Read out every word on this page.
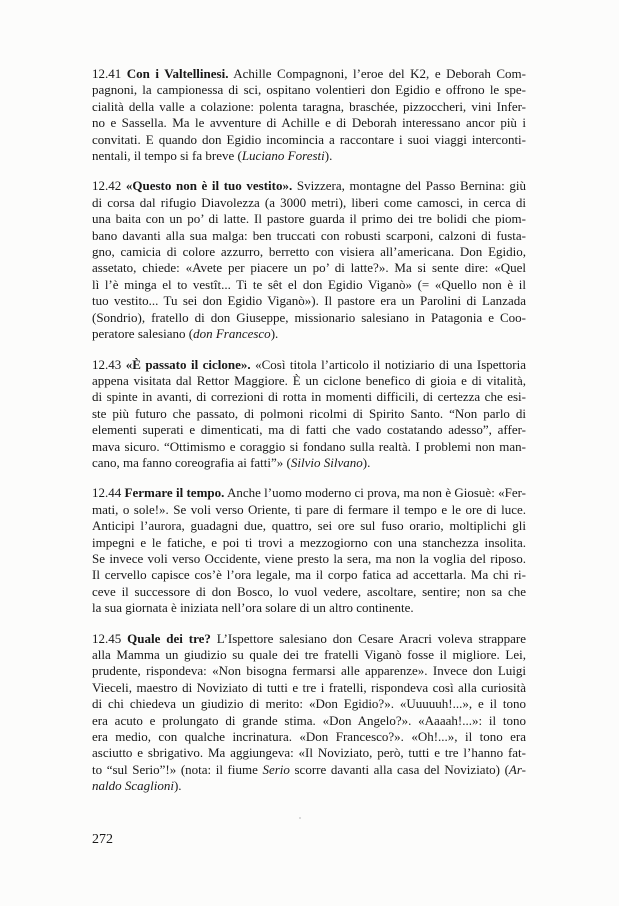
12.41 Con i Valtellinesi. Achille Compagnoni, l’eroe del K2, e Deborah Com-
pagnoni, la campionessa di sci, ospitano volentieri don Egidio e offrono le spe-
cialità della valle a colazione: polenta taragna, braschée, pizzoccheri, vini Infer-
no e Sassella. Ma le avventure di Achille e di Deborah interessano ancor più i
convitati. E quando don Egidio incomincia a raccontare i suoi viaggi interconti-
nentali, il tempo si fa breve (Luciano Foresti).
12.42 «Questo non è il tuo vestito». Svizzera, montagne del Passo Bernina: giù
di corsa dal rifugio Diavolezza (a 3000 metri), liberi come camosci, in cerca di
una baita con un po’ di latte. Il pastore guarda il primo dei tre bolidi che piom-
bano davanti alla sua malga: ben truccati con robusti scarponi, calzoni di fusta-
gno, camicia di colore azzurro, berretto con visiera all’americana. Don Egidio,
assetato, chiede: «Avete per piacere un po’ di latte?». Ma si sente dire: «Quel
lì l’è minga el to vestît... Ti te sêt el don Egidio Viganò» (= «Quello non è il
tuo vestito... Tu sei don Egidio Viganò»). Il pastore era un Parolini di Lanzada
(Sondrio), fratello di don Giuseppe, missionario salesiano in Patagonia e Coo-
peratore salesiano (don Francesco).
12.43 «È passato il ciclone». «Così titola l’articolo il notiziario di una Ispettoria
appena visitata dal Rettor Maggiore. È un ciclone benefico di gioia e di vitalità,
di spinte in avanti, di correzioni di rotta in momenti difficili, di certezza che esi-
ste più futuro che passato, di polmoni ricolmi di Spirito Santo. “Non parlo di
elementi superati e dimenticati, ma di fatti che vado costatando adesso”, affer-
mava sicuro. “Ottimismo e coraggio si fondano sulla realtà. I problemi non man-
cano, ma fanno coreografia ai fatti”» (Silvio Silvano).
12.44 Fermare il tempo. Anche l’uomo moderno ci prova, ma non è Giosuè: «Fer-
mati, o sole!». Se voli verso Oriente, ti pare di fermare il tempo e le ore di luce.
Anticipi l’aurora, guadagni due, quattro, sei ore sul fuso orario, moltiplichi gli
impegni e le fatiche, e poi ti trovi a mezzogiorno con una stanchezza insolita.
Se invece voli verso Occidente, viene presto la sera, ma non la voglia del riposo.
Il cervello capisce cos’è l’ora legale, ma il corpo fatica ad accettarla. Ma chi ri-
ceve il successore di don Bosco, lo vuol vedere, ascoltare, sentire; non sa che
la sua giornata è iniziata nell’ora solare di un altro continente.
12.45 Quale dei tre? L’Ispettore salesiano don Cesare Aracri voleva strappare
alla Mamma un giudizio su quale dei tre fratelli Viganò fosse il migliore. Lei,
prudente, rispondeva: «Non bisogna fermarsi alle apparenze». Invece don Luigi
Vieceli, maestro di Noviziato di tutti e tre i fratelli, rispondeva così alla curiosità
di chi chiedeva un giudizio di merito: «Don Egidio?». «Uuuuuh!...», e il tono
era acuto e prolungato di grande stima. «Don Angelo?». «Aaaah!...»: il tono
era medio, con qualche incrinatura. «Don Francesco?». «Oh!...», il tono era
asciutto e sbrigativo. Ma aggiungeva: «Il Noviziato, però, tutti e tre l’hanno fat-
to “sul Serio”!» (nota: il fiume Serio scorre davanti alla casa del Noviziato) (Ar-
naldo Scaglioni).
272
